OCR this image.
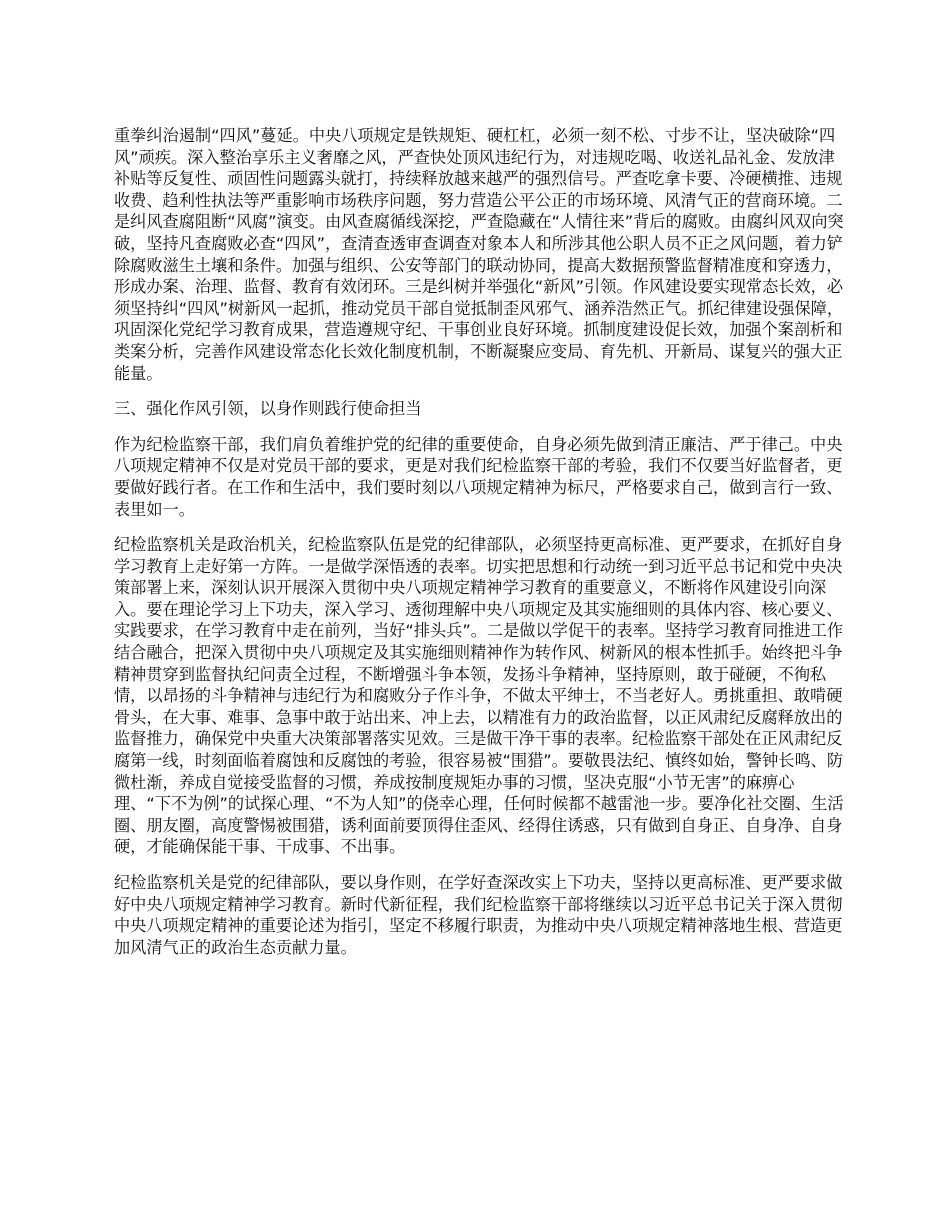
重拳纠治遏制“四风”蔓延。中央八项规定是铁规矩、硬杠杠，必须一刻不松、寸步不让，坚决破除“四风”顽疾。深入整治享乐主义奢靡之风，严查快处顶风违纪行为，对违规吃喝、收送礼品礼金、发放津补贴等反复性、顽固性问题露头就打，持续释放越来越严的强烈信号。严查吃拿卡要、冷硬横推、违规收费、趋利性执法等严重影响市场秩序问题，努力营造公平公正的市场环境、风清气正的营商环境。二是纠风查腐阻断“风腐”演变。由风查腐循线深挖，严查隐藏在“人情往来”背后的腐败。由腐纠风双向突破，坚持凡查腐败必查“四风”，查清查透审查调查对象本人和所涉其他公职人员不正之风问题，着力铲除腐败滋生土壤和条件。加强与组织、公安等部门的联动协同，提高大数据预警监督精准度和穿透力，形成办案、治理、监督、教育有效闭环。三是纠树并举强化“新风”引领。作风建设要实现常态长效，必须坚持纠“四风”树新风一起抓，推动党员干部自觉抵制歪风邪气、涵养浩然正气。抓纪律建设强保障，巩固深化党纪学习教育成果，营造遵规守纪、干事创业良好环境。抓制度建设促长效，加强个案剖析和类案分析，完善作风建设常态化长效化制度机制，不断凝聚应变局、育先机、开新局、谋复兴的强大正能量。

三、强化作风引领，以身作则践行使命担当

作为纪检监察干部，我们肩负着维护党的纪律的重要使命，自身必须先做到清正廉洁、严于律己。中央八项规定精神不仅是对党员干部的要求，更是对我们纪检监察干部的考验，我们不仅要当好监督者，更要做好践行者。在工作和生活中，我们要时刻以八项规定精神为标尺，严格要求自己，做到言行一致、表里如一。

纪检监察机关是政治机关，纪检监察队伍是党的纪律部队，必须坚持更高标准、更严要求，在抓好自身学习教育上走好第一方阵。一是做学深悟透的表率。切实把思想和行动统一到习近平总书记和党中央决策部署上来，深刻认识开展深入贯彻中央八项规定精神学习教育的重要意义，不断将作风建设引向深入。要在理论学习上下功夫，深入学习、透彻理解中央八项规定及其实施细则的具体内容、核心要义、实践要求，在学习教育中走在前列，当好“排头兵”。二是做以学促干的表率。坚持学习教育同推进工作结合融合，把深入贯彻中央八项规定及其实施细则精神作为转作风、树新风的根本性抓手。始终把斗争精神贯穿到监督执纪问责全过程，不断增强斗争本领，发扬斗争精神，坚持原则，敢于碰硬，不徇私情，以昂扬的斗争精神与违纪行为和腐败分子作斗争，不做太平绅士，不当老好人。勇挑重担、敢啃硬骨头，在大事、难事、急事中敢于站出来、冲上去，以精准有力的政治监督，以正风肃纪反腐释放出的监督推力，确保党中央重大决策部署落实见效。三是做干净干事的表率。纪检监察干部处在正风肃纪反腐第一线，时刻面临着腐蚀和反腐蚀的考验，很容易被“围猎”。要敬畏法纪、慎终如始，警钟长鸣、防微杜渐，养成自觉接受监督的习惯，养成按制度规矩办事的习惯，坚决克服“小节无害”的麻痹心理、“下不为例”的试探心理、“不为人知”的侥幸心理，任何时候都不越雷池一步。要净化社交圈、生活圈、朋友圈，高度警惕被围猎，诱利面前要顶得住歪风、经得住诱惑，只有做到自身正、自身净、自身硬，才能确保能干事、干成事、不出事。

纪检监察机关是党的纪律部队，要以身作则，在学好查深改实上下功夫，坚持以更高标准、更严要求做好中央八项规定精神学习教育。新时代新征程，我们纪检监察干部将继续以习近平总书记关于深入贯彻中央八项规定精神的重要论述为指引，坚定不移履行职责，为推动中央八项规定精神落地生根、营造更加风清气正的政治生态贡献力量。
